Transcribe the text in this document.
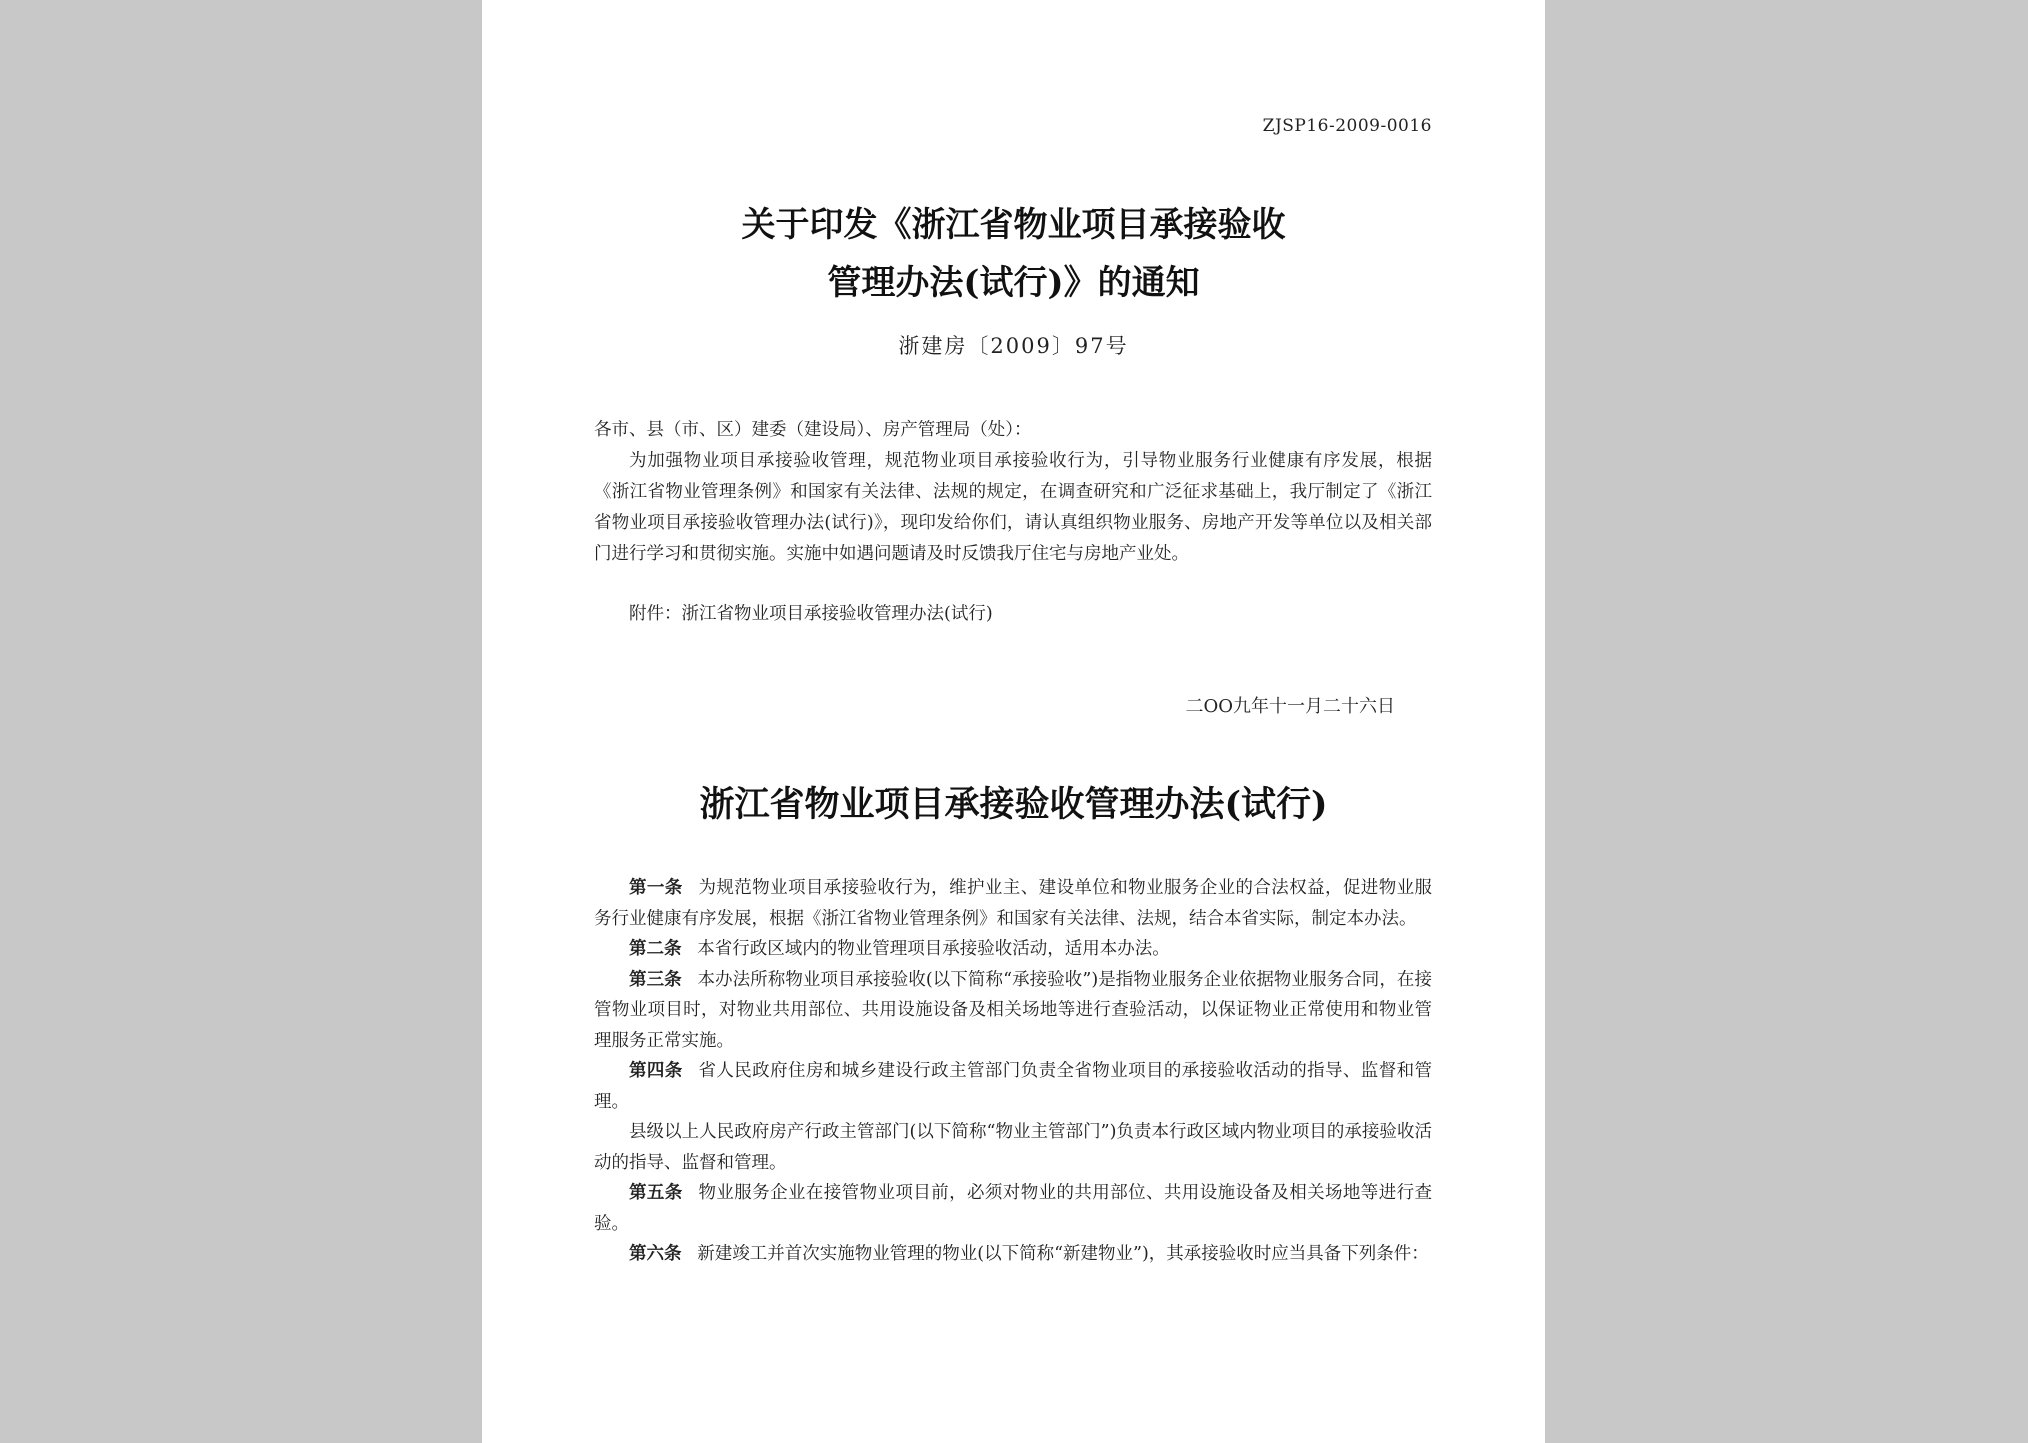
ZJSP16-2009-0016
关于印发《浙江省物业项目承接验收
管理办法(试行)》的通知
浙建房〔2009〕97号
各市、县（市、区）建委（建设局）、房产管理局（处）：

为加强物业项目承接验收管理，规范物业项目承接验收行为，引导物业服务行业健康有序发展，根据《浙江省物业管理条例》和国家有关法律、法规的规定，在调查研究和广泛征求基础上，我厅制定了《浙江省物业项目承接验收管理办法(试行)》，现印发给你们，请认真组织物业服务、房地产开发等单位以及相关部门进行学习和贯彻实施。实施中如遇问题请及时反馈我厅住宅与房地产业处。

附件：浙江省物业项目承接验收管理办法(试行)

二OO九年十一月二十六日
浙江省物业项目承接验收管理办法(试行)

第一条 为规范物业项目承接验收行为，维护业主、建设单位和物业服务企业的合法权益，促进物业服务行业健康有序发展，根据《浙江省物业管理条例》和国家有关法律、法规，结合本省实际，制定本办法。

第二条 本省行政区域内的物业管理项目承接验收活动，适用本办法。

第三条 本办法所称物业项目承接验收(以下简称“承接验收”)是指物业服务企业依据物业服务合同，在接管物业项目时，对物业共用部位、共用设施设备及相关场地等进行查验活动，以保证物业正常使用和物业管理服务正常实施。

第四条 省人民政府住房和城乡建设行政主管部门负责全省物业项目的承接验收活动的指导、监督和管理。

县级以上人民政府房产行政主管部门(以下简称“物业主管部门”)负责本行政区域内物业项目的承接验收活动的指导、监督和管理。

第五条 物业服务企业在接管物业项目前，必须对物业的共用部位、共用设施设备及相关场地等进行查验。

第六条 新建竣工并首次实施物业管理的物业(以下简称“新建物业”)，其承接验收时应当具备下列条件：
